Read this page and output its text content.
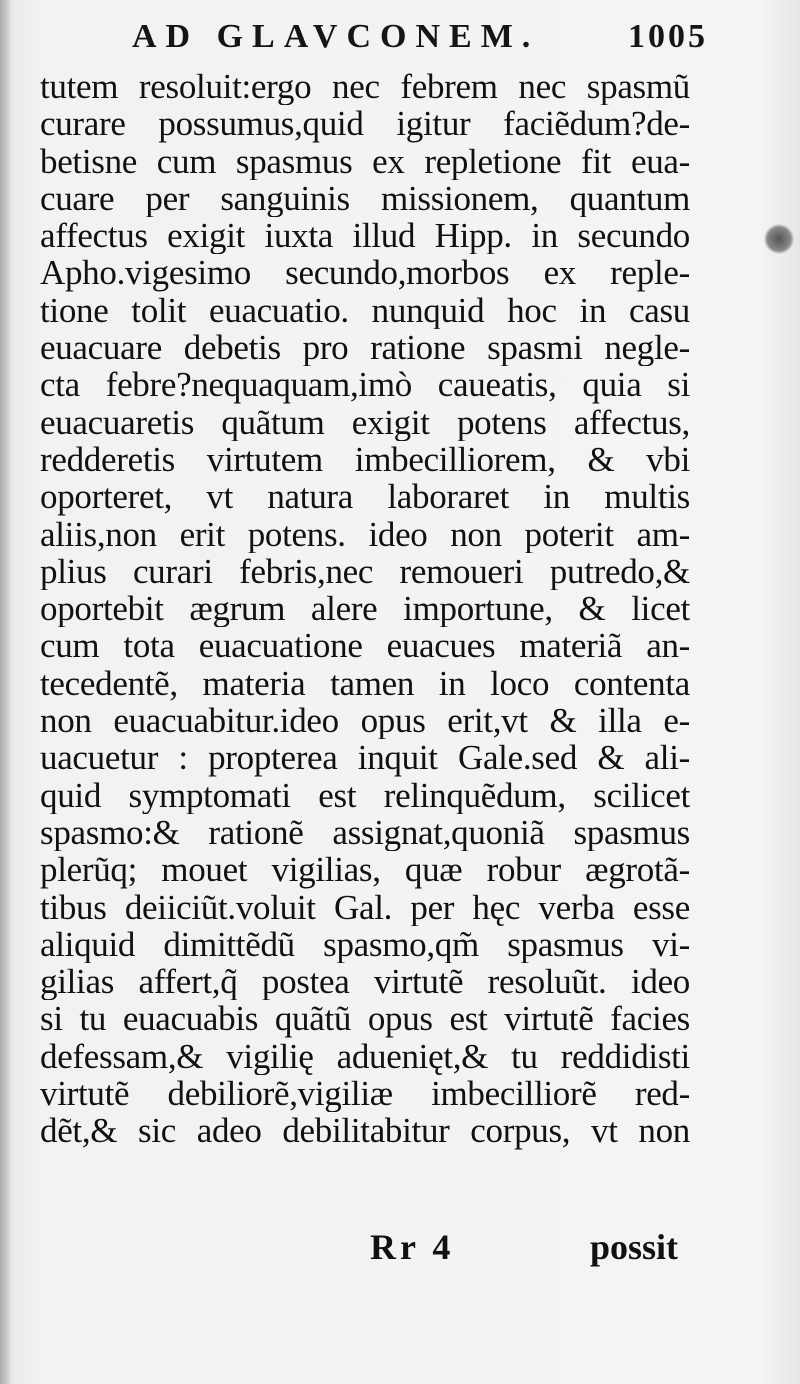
AD GLAVCONEM.	1005
tutem resoluit:ergo nec febrem nec spasmũ
curare possumus,quid igitur faciẽdum?de-
betisne cum spasmus ex repletione fit eua-
cuare per sanguinis missionem, quantum
affectus exigit iuxta illud Hipp. in secundo
Apho.vigesimo secundo,morbos ex reple-
tione tolit euacuatio. nunquid hoc in casu
euacuare debetis pro ratione spasmi negle-
cta febre?nequaquam,imò caueatis, quia si
euacuaretis quãtum exigit potens affectus,
redderetis virtutem imbecilliorem, & vbi
oporteret, vt natura laboraret in multis
aliis,non erit potens. ideo non poterit am-
plius curari febris,nec remoueri putredo,&
oportebit ægrum alere importune, & licet
cum tota euacuatione euacues materiã an-
tecedentẽ, materia tamen in loco contenta
non euacuabitur.ideo opus erit,vt & illa e-
uacuetur : propterea inquit Gale.sed & ali-
quid symptomati est relinquẽdum, scilicet
spasmo:& rationẽ assignat,quoniã spasmus
plerũq; mouet vigilias, quæ robur ægrotã-
tibus deiiciũt.voluit Gal. per hęc verba esse
aliquid dimittẽdũ spasmo,qm̃ spasmus vi-
gilias affert,q̃ postea virtutẽ resoluũt. ideo
si tu euacuabis quãtũ opus est virtutẽ facies
defessam,& vigilię aduenięt,& tu reddidisti
virtutẽ debiliorẽ,vigiliæ imbecilliorẽ red-
dẽt,& sic adeo debilitabitur corpus, vt non
Rr 4	possit
